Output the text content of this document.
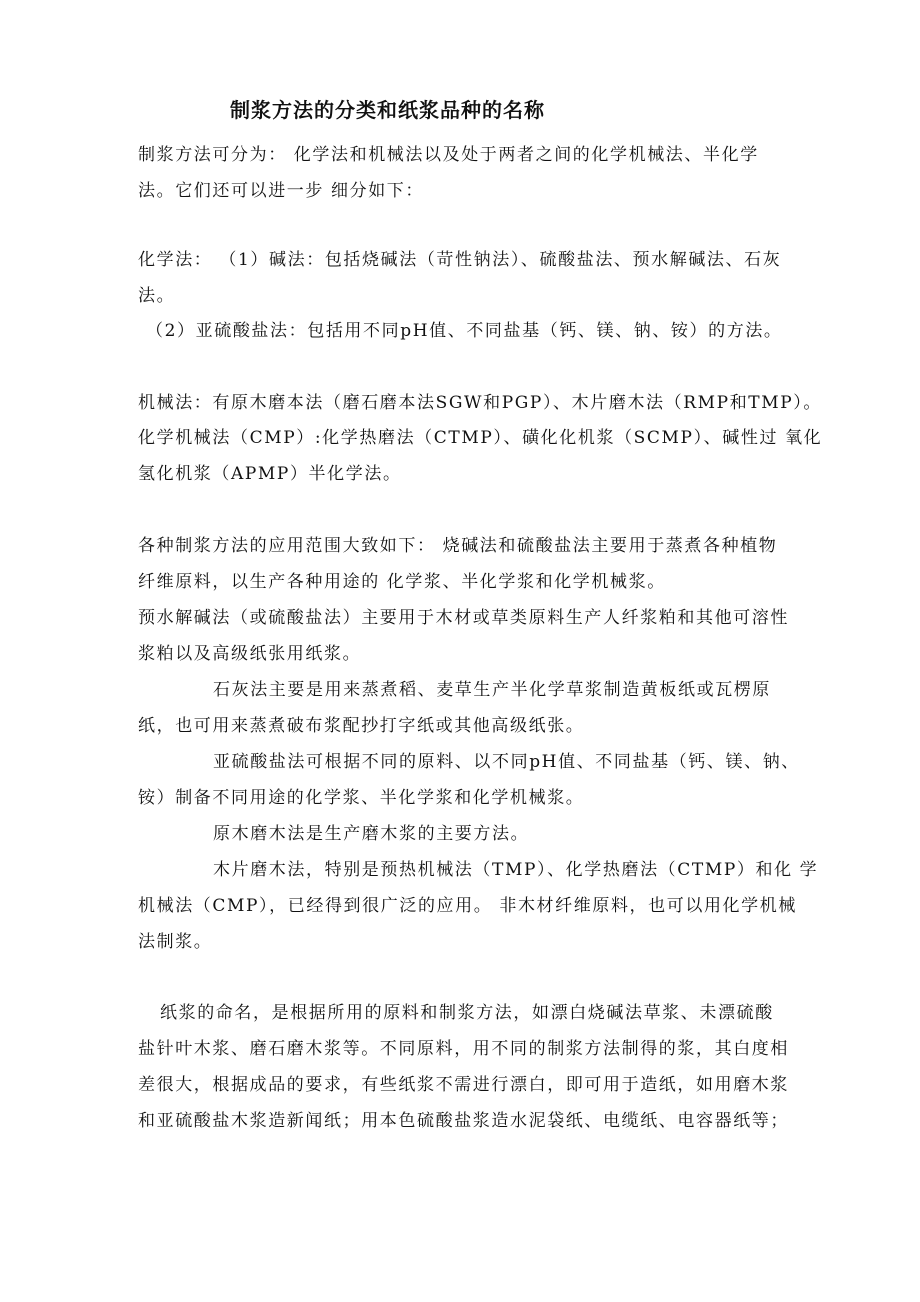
制浆方法的分类和纸浆品种的名称
制浆方法可分为： 化学法和机械法以及处于两者之间的化学机械法、半化学
法。它们还可以进一步 细分如下：
化学法： （1）碱法：包括烧碱法（苛性钠法）、硫酸盐法、预水解碱法、石灰
法。
（2）亚硫酸盐法：包括用不同pH值、不同盐基（钙、镁、钠、铵）的方法。
机械法：有原木磨本法（磨石磨本法SGW和PGP）、木片磨木法（RMP和TMP）。
化学机械法（CMP）:化学热磨法（CTMP）、磺化化机浆（SCMP）、碱性过 氧化
氢化机浆（APMP）半化学法。
各种制浆方法的应用范围大致如下： 烧碱法和硫酸盐法主要用于蒸煮各种植物
纤维原料，以生产各种用途的 化学浆、半化学浆和化学机械浆。
预水解碱法（或硫酸盐法）主要用于木材或草类原料生产人纤浆粕和其他可溶性
浆粕以及高级纸张用纸浆。
石灰法主要是用来蒸煮稻、麦草生产半化学草浆制造黄板纸或瓦楞原
纸，也可用来蒸煮破布浆配抄打字纸或其他高级纸张。
亚硫酸盐法可根据不同的原料、以不同pH值、不同盐基（钙、镁、钠、
铵）制备不同用途的化学浆、半化学浆和化学机械浆。
原木磨木法是生产磨木浆的主要方法。
木片磨木法，特别是预热机械法（TMP）、化学热磨法（CTMP）和化 学
机械法（CMP），已经得到很广泛的应用。 非木材纤维原料，也可以用化学机械
法制浆。
纸浆的命名，是根据所用的原料和制浆方法，如漂白烧碱法草浆、未漂硫酸
盐针叶木浆、磨石磨木浆等。不同原料，用不同的制浆方法制得的浆，其白度相
差很大，根据成品的要求，有些纸浆不需进行漂白，即可用于造纸，如用磨木浆
和亚硫酸盐木浆造新闻纸；用本色硫酸盐浆造水泥袋纸、电缆纸、电容器纸等；
